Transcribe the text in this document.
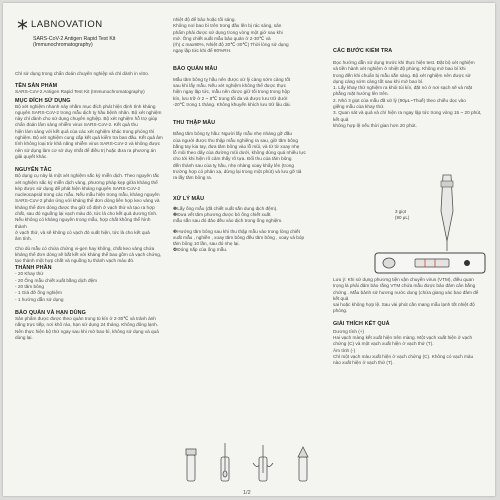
LABNOVATION
SARS-CoV-2 Antigen Rapid Test Kit
(Immunochromatography)
Chỉ sử dụng trong chẩn đoán chuyên nghiệp và chỉ dành in vitro.
TÊN SẢN PHẨM
SARS-CoV-2 Antigen Rapid Test Kit (Immunochromatography)
MỤC ĐÍCH SỬ DỤNG
Bộ xét nghiệm nhanh này nhằm mục đích phát hiện định tính kháng
nguyên SARS-CoV-2 trong mẫu dịch tỵ hầu bệnh nhân. Bộ xét nghiệm
này chỉ dành cho sử dụng chuyên nghiệp. Bộ xét nghiệm hỗ trợ giúp
chẩn đoán lâm sàng nhiễm virus SARS-CoV-2. Kết quả thu
hiện làm sàng với kết quả của các xét nghiệm khác trong phòng thí
nghiệm. Bộ xét nghiệm cung cấp kết quả kiểm tra ban đầu. Kết quả âm
tính không loại trừ khả năng nhiễm virus SARS-CoV-2 và không được
nên sử dụng làm cơ sở duy nhất để điều trị hoặc đưa ra phương án
giải quyết khác.
NGUYÊN TẮC
Bộ dụng cụ này là một xét nghiệm sắc ký miễn dịch. Theo nguyên tắc
xét nghiệm sắc ký miễn dịch vàng, phương pháp kẹp giữa kháng thể
kép được sử dụng để phát hiện kháng nguyên SARS-CoV-2
nucleocapsid trong các mẫu. Nếu mẫu hiện trong mẫu, kháng nguyên
SARS-CoV-2 phản ứng với kháng thể đơn dòng liên hợp keo vàng và
kháng thể đơn dòng được thu giữ cố định ở vạch thử và tạo ra hợp
chất, sau đó nguồng lại vạch màu đỏ, tức là cho kết quả dương tính.
Nếu không có kháng nguyên trong mẫu, hợp chất không thể hình thành
ở vạch thử, và sẽ không có vạch đỏ xuất hiện, tức là cho kết quả
âm tính.
Cho dù mẫu có chứa chứng vi-gen hay không, chất keo vàng chứa
kháng thể đơn dòng sẽ bắt kết với kháng thể bao gồm cả vạch chứng,
tạo thành một hợp chất và nguồng tụ thành vạch màu đỏ.
THÀNH PHẦN
- 20 Khay thử
- 20 Ống mẫu chiết xuất bằng dịch đệm
- 20 tăm bông
- 1 Giá đỡ ống nghiệm
- 1 hướng dẫn sử dụng
BẢO QUẢN VÀ HẠN DÙNG
Sản phẩm được được theo quản trong tủ kín ở 2-30℃ và tránh ánh
nắng trực tiếp, nơi khô ráo, hạn sử dụng 24 tháng. Không đông lạnh.
Nên thực hiện bộ thử ngay sau khi mở bao bì, không sử dụng và quá
dùng lại.
nhiệt độ để bảo hoặc tối sáng.
Không nơi bao bì trên trong đầu lên bị rác sáng, sản
phẩm phải được sử dụng trong vòng một giờ sau khi
mở. Ống chiết xuất mẫu bảo quản ở 2-30℃ và
(rh) ≤ max90%, Nhiệt độ 20℃-30℃) Thời lòng sử dụng
ngay lập tức khi để 80%RH.
BẢO QUẢN MẪU
Mẫu tăm bông tỵ hầu nên được xử lý càng sớm càng tốt
sau khi lấy mẫu. Nếu xét nghiệm không thể được thực
hiện ngay lập tức, mẫu nên được giữ tối trong trong hộp
kín, lưu trữ ở 2 ~ 8℃ trong tối đa và được lưu trữ dưới
-20℃ trong 1 tháng. Không khuyến khích lưu trữ lâu dài.
THU THẬP MẪU
Bằng tăm bông tỵ hầu: Người lấy mẫu nhẹ nhàng gỡ đầu
của người được thu thập mẫu nghiêng ra sau, giữ tăm bông
bằng tay kia tay, đưa tăm bông vào lỗ mũi, và từ từ xoay nhẹ
lỗ mũi theo dây của đường mũi dưới, không dùng quá nhiều lực
cho tới khi hiện rõ cảm thấy rõ tựa. Đổi thu của tăm bông
đến thành sau của tỵ hầu, nhẹ nhàng xoay khẩy lên (trong
trường hợp có phản xạ, dừng lại trong một phút) và lưu gỡ tiả
ra lấy tăm bông ra.
XỬ LÝ MẪU
❶Lấy ống mẫu (đã chiết xuất sẵn dung dịch đệm).
❷Đưa vết tăm phương được bỏ ống chiết xuất
mẫu sẵn sau đó đảo đều vào dịch trong ống nghiệm.
❸Hướng tăm bông sau khi thu thập mẫu vào trong lòng chiết
xuất mẫu , nghiền , xoay tăm bông đều tăm bông , xoay và bóp
tăm bông 10 lần, sau đó nhẹ lại.
❹Đóng nắp của ống mẫu.
CÁC BƯỚC KIỂM TRA
Đọc hướng dẫn sử dụng trước khi thực hiện test. Đặt bộ xét nghiệm
và tiền hành xét nghiệm ở nhiệt độ phòng. Không mở bao bì khi
trong đến khi chuẩn bị mẫu sẵn sàng. Bộ xét nghiệm nên được sử
dụng càng sớm càng tốt sau khi mở bao bì.
1. Lấy khay thử nghiệm ra khỏi túi kín, đặt nó ở nơi sạch sẽ và mặt
phẳng mặt hướng lên trên.
2. Nhỏ 3 giọt của mẫu đã xử lý (90μL~Thuế) theo chiều dọc vào
giếng mẫu của khay thử.
3. Quan sát và quả và chí hiện ra ngay lập tức trong vòng 15 ~ 20 phút, kết quả
không hợp lệ nếu thời gian hơn 20 phút.
3 giọt
(90 μL)
Lưu ý: Khi sử dụng phương tiện vận chuyển virus (VTM), điều quan
trọng là phải đảm bảo rằng VTM chứa mẫu được bảo đảm cân bằng
chứng . Mẫu bảnh sử hương nước dung (chứa giang xác bao đảm để kết quả
sai hoặc không hợp lệ. Sau vài phút cần mang mẫu lạnh tốt nhiệt độ
phòng.
GIẢI THÍCH KẾT QUẢ
Dương tính (+)
Hai vạch màng kết xuất hiện trên màng. Một vạch xuất hiện ở vạch
chứng (C) và một vạch xuất hiện ở vạch thử (T).
Âm tính (-)
Chỉ một vạch màu xuất hiện ở vạch chứng (C). Không có vạch màu
nào xuất hiện ở vạch thử (T).
1/2
